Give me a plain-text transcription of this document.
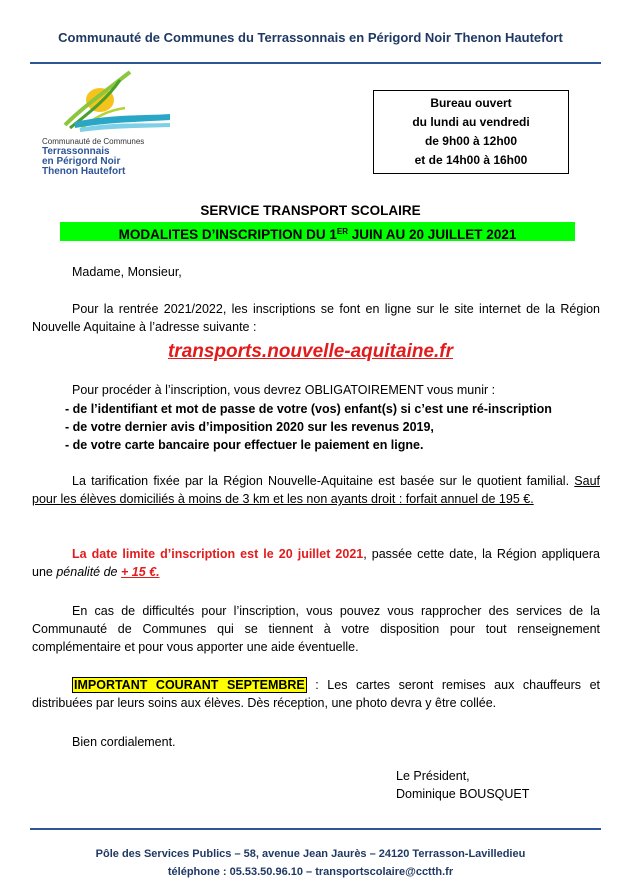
Communauté de Communes du Terrassonnais en Périgord Noir Thenon Hautefort
Communauté de Communes
Terrassonnais
en Périgord Noir
Thenon Hautefort
Bureau ouvert
du lundi au vendredi
de 9h00 à 12h00
et de 14h00 à 16h00
SERVICE TRANSPORT SCOLAIRE
MODALITES D’INSCRIPTION DU 1ER JUIN AU 20 JUILLET 2021
Madame, Monsieur,
Pour la rentrée 2021/2022, les inscriptions se font en ligne sur le site internet de la Région Nouvelle Aquitaine à l’adresse suivante :
transports.nouvelle-aquitaine.fr
Pour procéder à l’inscription, vous devrez OBLIGATOIREMENT vous munir :
- de l’identifiant et mot de passe de votre (vos) enfant(s) si c’est une ré-inscription
- de votre dernier avis d’imposition 2020 sur les revenus 2019,
- de votre carte bancaire pour effectuer le paiement en ligne.
La tarification fixée par la Région Nouvelle-Aquitaine est basée sur le quotient familial. Sauf pour les élèves domiciliés à moins de 3 km et les non ayants droit : forfait annuel de 195 €.
La date limite d’inscription est le 20 juillet 2021, passée cette date, la Région appliquera une pénalité de + 15 €.
En cas de difficultés pour l’inscription, vous pouvez vous rapprocher des services de la Communauté de Communes qui se tiennent à votre disposition pour tout renseignement complémentaire et pour vous apporter une aide éventuelle.
IMPORTANT COURANT SEPTEMBRE : Les cartes seront remises aux chauffeurs et distribuées par leurs soins aux élèves. Dès réception, une photo devra y être collée.
Bien cordialement.
Le Président,
Dominique BOUSQUET
Pôle des Services Publics – 58, avenue Jean Jaurès – 24120 Terrasson-Lavilledieu
téléphone : 05.53.50.96.10 – transportscolaire@cctth.fr
